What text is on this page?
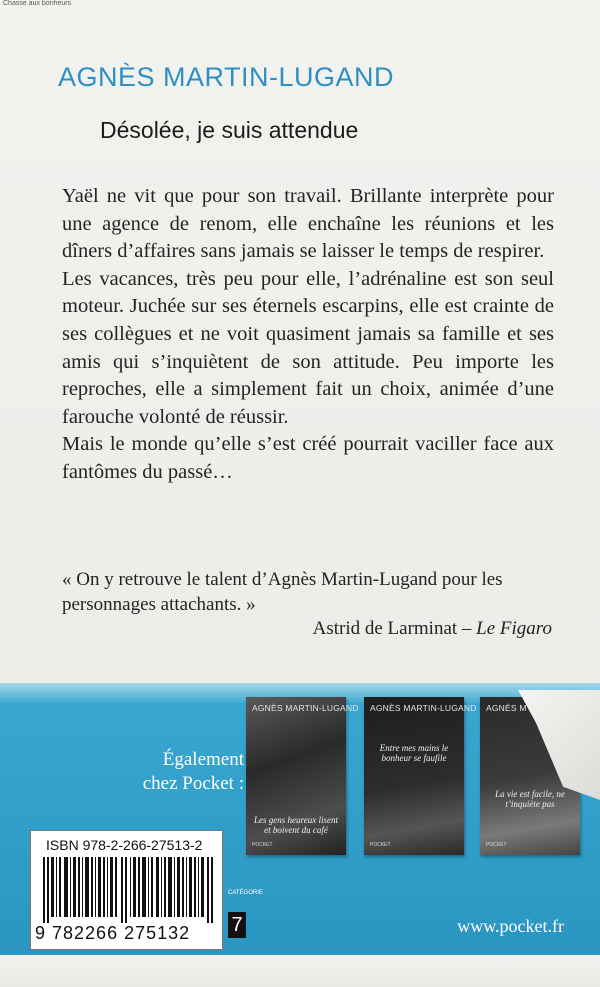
Chasse aux bonheurs
AGNÈS MARTIN-LUGAND
Désolée, je suis attendue

Yaël ne vit que pour son travail. Brillante interprète pour une agence de renom, elle enchaîne les réunions et les dîners d’affaires sans jamais se laisser le temps de respirer.

Les vacances, très peu pour elle, l’adrénaline est son seul moteur. Juchée sur ses éternels escarpins, elle est crainte de ses collègues et ne voit quasiment jamais sa famille et ses amis qui s’inquiètent de son attitude. Peu importe les reproches, elle a simplement fait un choix, animée d’une farouche volonté de réussir.

Mais le monde qu’elle s’est créé pourrait vaciller face aux fantômes du passé…

« On y retrouve le talent d’Agnès Martin-Lugand pour les personnages attachants. »
Astrid de Larminat – Le Figaro
Également
chez Pocket :
AGNÈS MARTIN-LUGAND
Les gens heureux lisent et boivent du café
POCKET
AGNÈS MARTIN-LUGAND
Entre mes mains le bonheur se faufile
POCKET
AGNÈS M
La vie est facile, ne t’inquiète pas
POCKET
ISBN 978-2-266-27513-2
9 782266 275132
CATÉGORIE
7	www.pocket.fr
